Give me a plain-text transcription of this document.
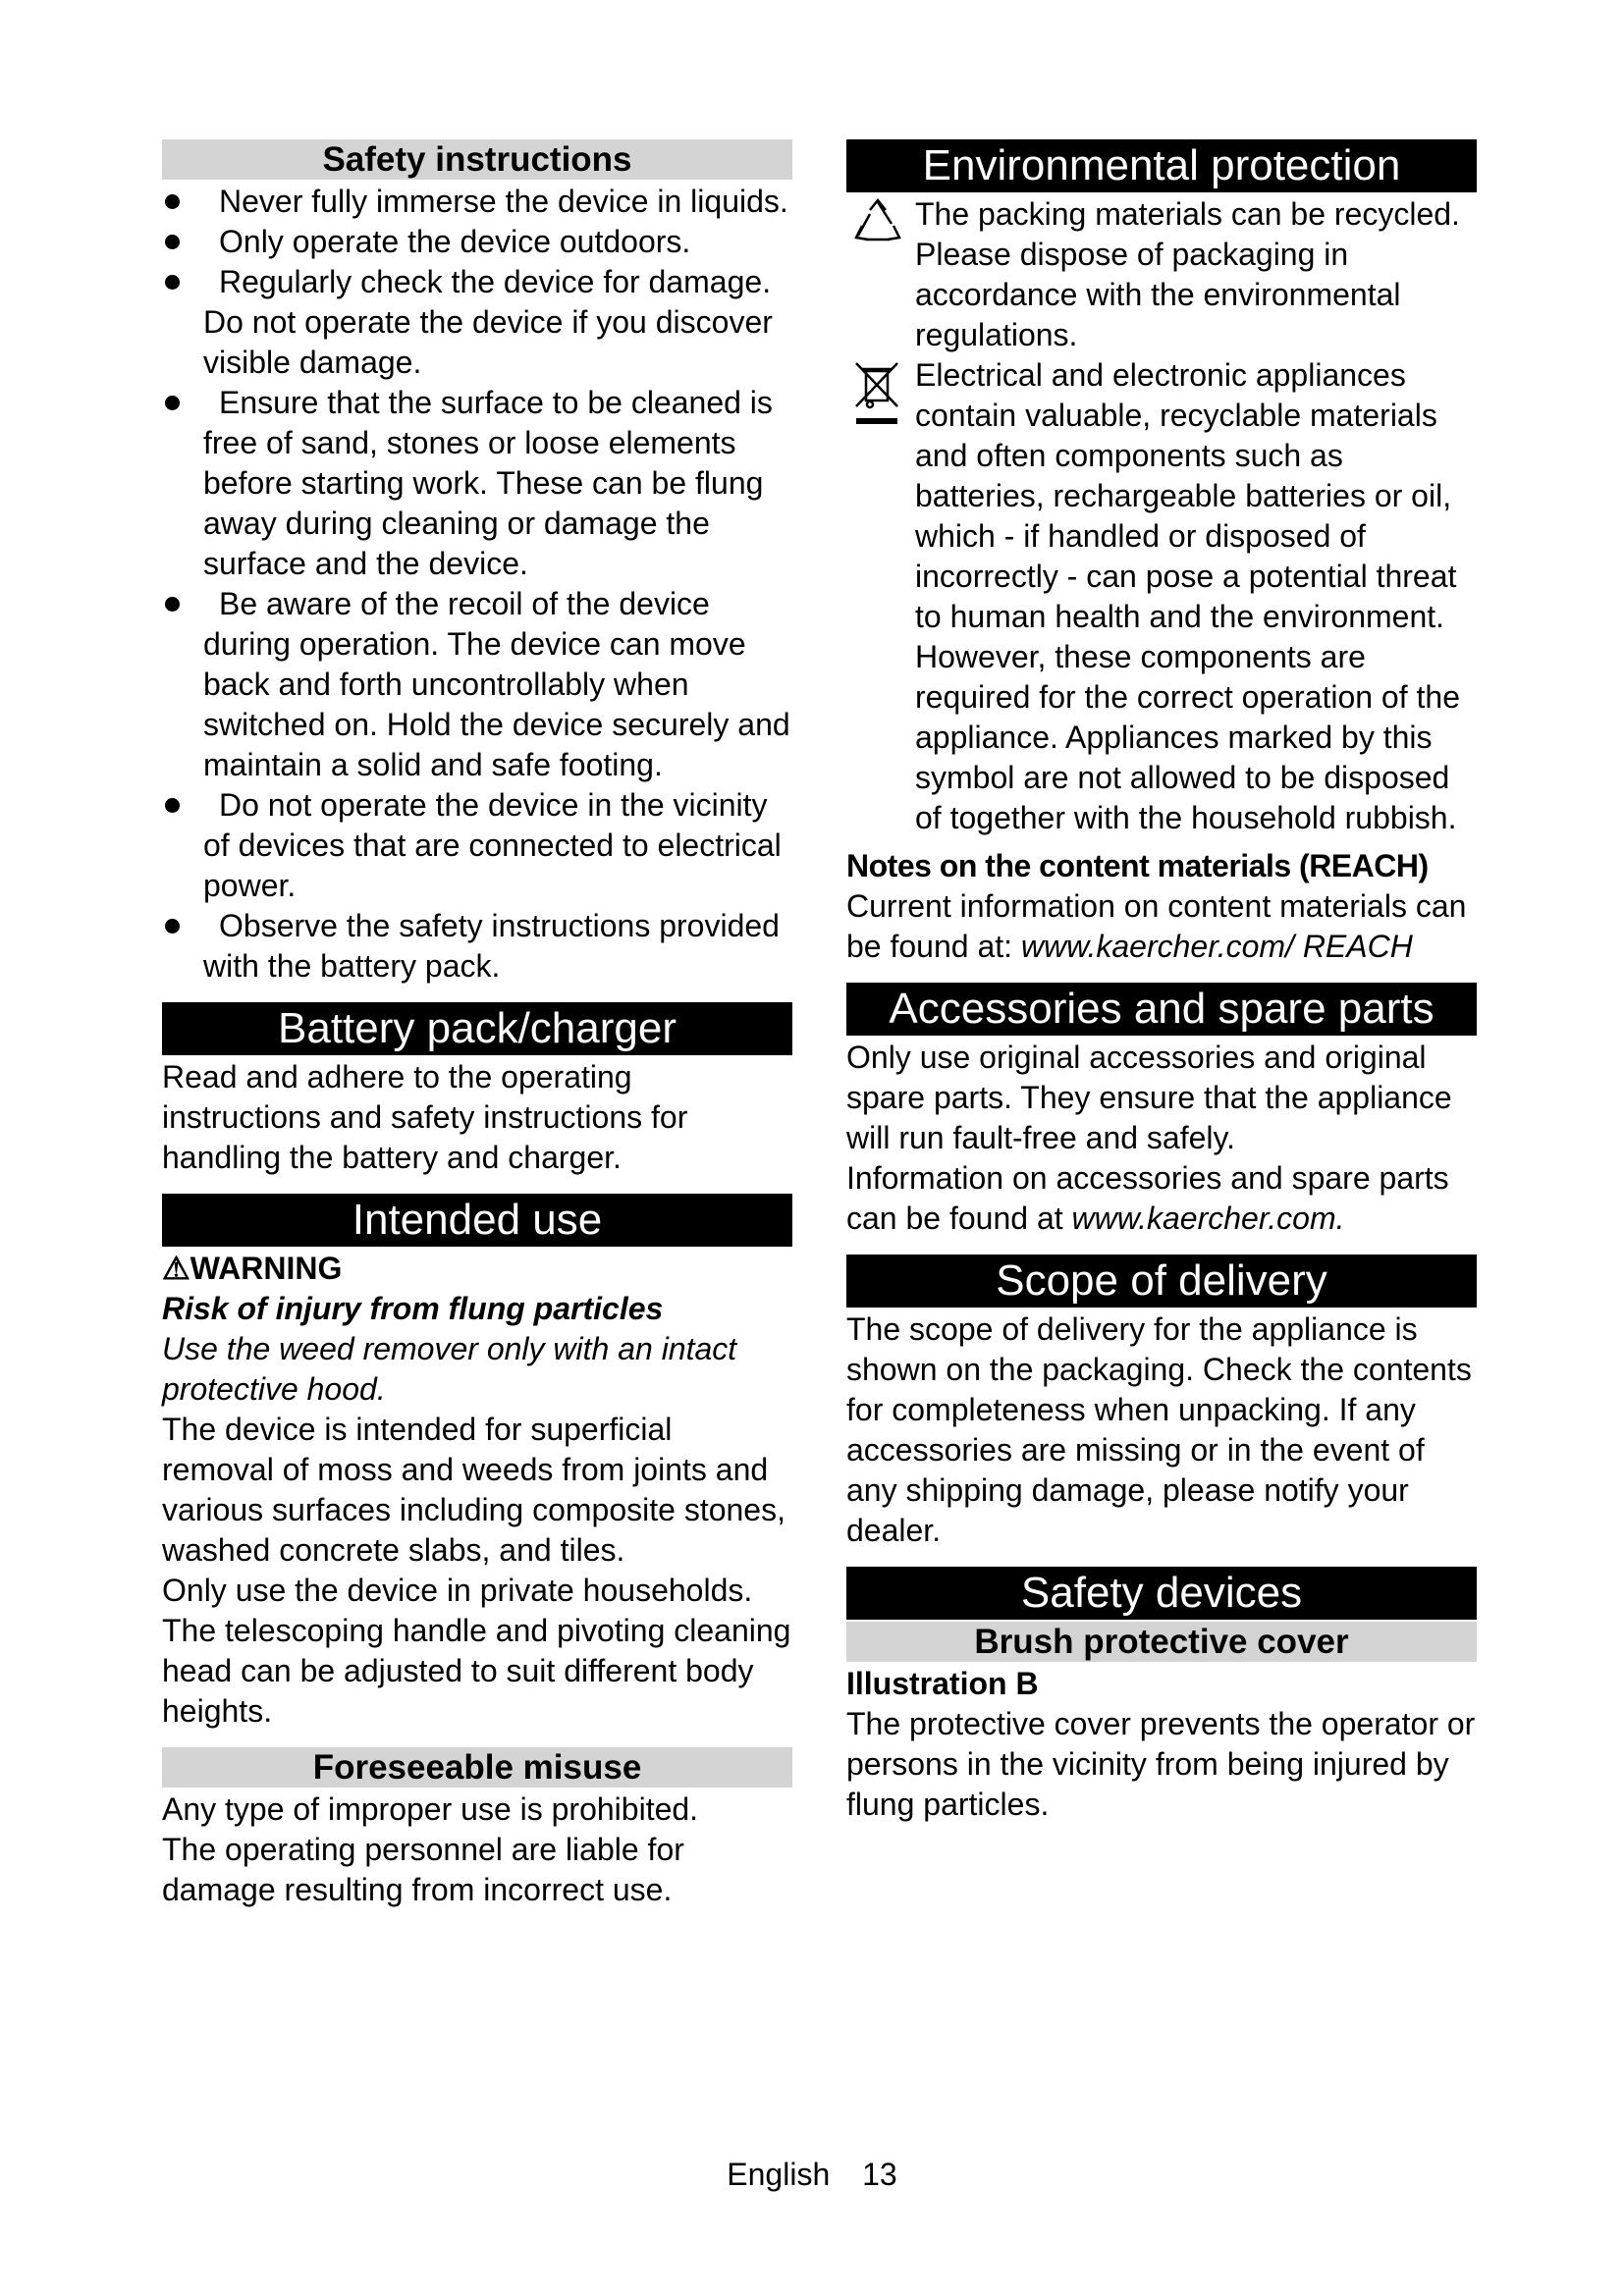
Safety instructions
Never fully immerse the device in liquids.
Only operate the device outdoors.
Regularly check the device for damage. Do not operate the device if you discover visible damage.
Ensure that the surface to be cleaned is free of sand, stones or loose elements before starting work. These can be flung away during cleaning or damage the surface and the device.
Be aware of the recoil of the device during operation. The device can move back and forth uncontrollably when switched on. Hold the device securely and maintain a solid and safe footing.
Do not operate the device in the vicinity of devices that are connected to electrical power.
Observe the safety instructions provided with the battery pack.
Battery pack/charger

Read and adhere to the operating instructions and safety instructions for handling the battery and charger.

Intended use

⚠WARNING

Risk of injury from flung particles

Use the weed remover only with an intact protective hood.

The device is intended for superficial removal of moss and weeds from joints and various surfaces including composite stones, washed concrete slabs, and tiles.

Only use the device in private households.

The telescoping handle and pivoting cleaning head can be adjusted to suit different body heights.

Foreseeable misuse

Any type of improper use is prohibited.

The operating personnel are liable for damage resulting from incorrect use.

Environmental protection

The packing materials can be recycled. Please dispose of packaging in accordance with the environmental regulations.

Electrical and electronic appliances contain valuable, recyclable materials and often components such as batteries, rechargeable batteries or oil, which - if handled or disposed of incorrectly - can pose a potential threat to human health and the environment. However, these components are required for the correct operation of the appliance. Appliances marked by this symbol are not allowed to be disposed of together with the household rubbish.

Notes on the content materials (REACH)

Current information on content materials can be found at: www.kaercher.com/ REACH

Accessories and spare parts

Only use original accessories and original spare parts. They ensure that the appliance will run fault-free and safely.

Information on accessories and spare parts can be found at www.kaercher.com.

Scope of delivery

The scope of delivery for the appliance is shown on the packaging. Check the contents for completeness when unpacking. If any accessories are missing or in the event of any shipping damage, please notify your dealer.

Safety devices
Brush protective cover

Illustration B

The protective cover prevents the operator or persons in the vicinity from being injured by flung particles.

English 13
